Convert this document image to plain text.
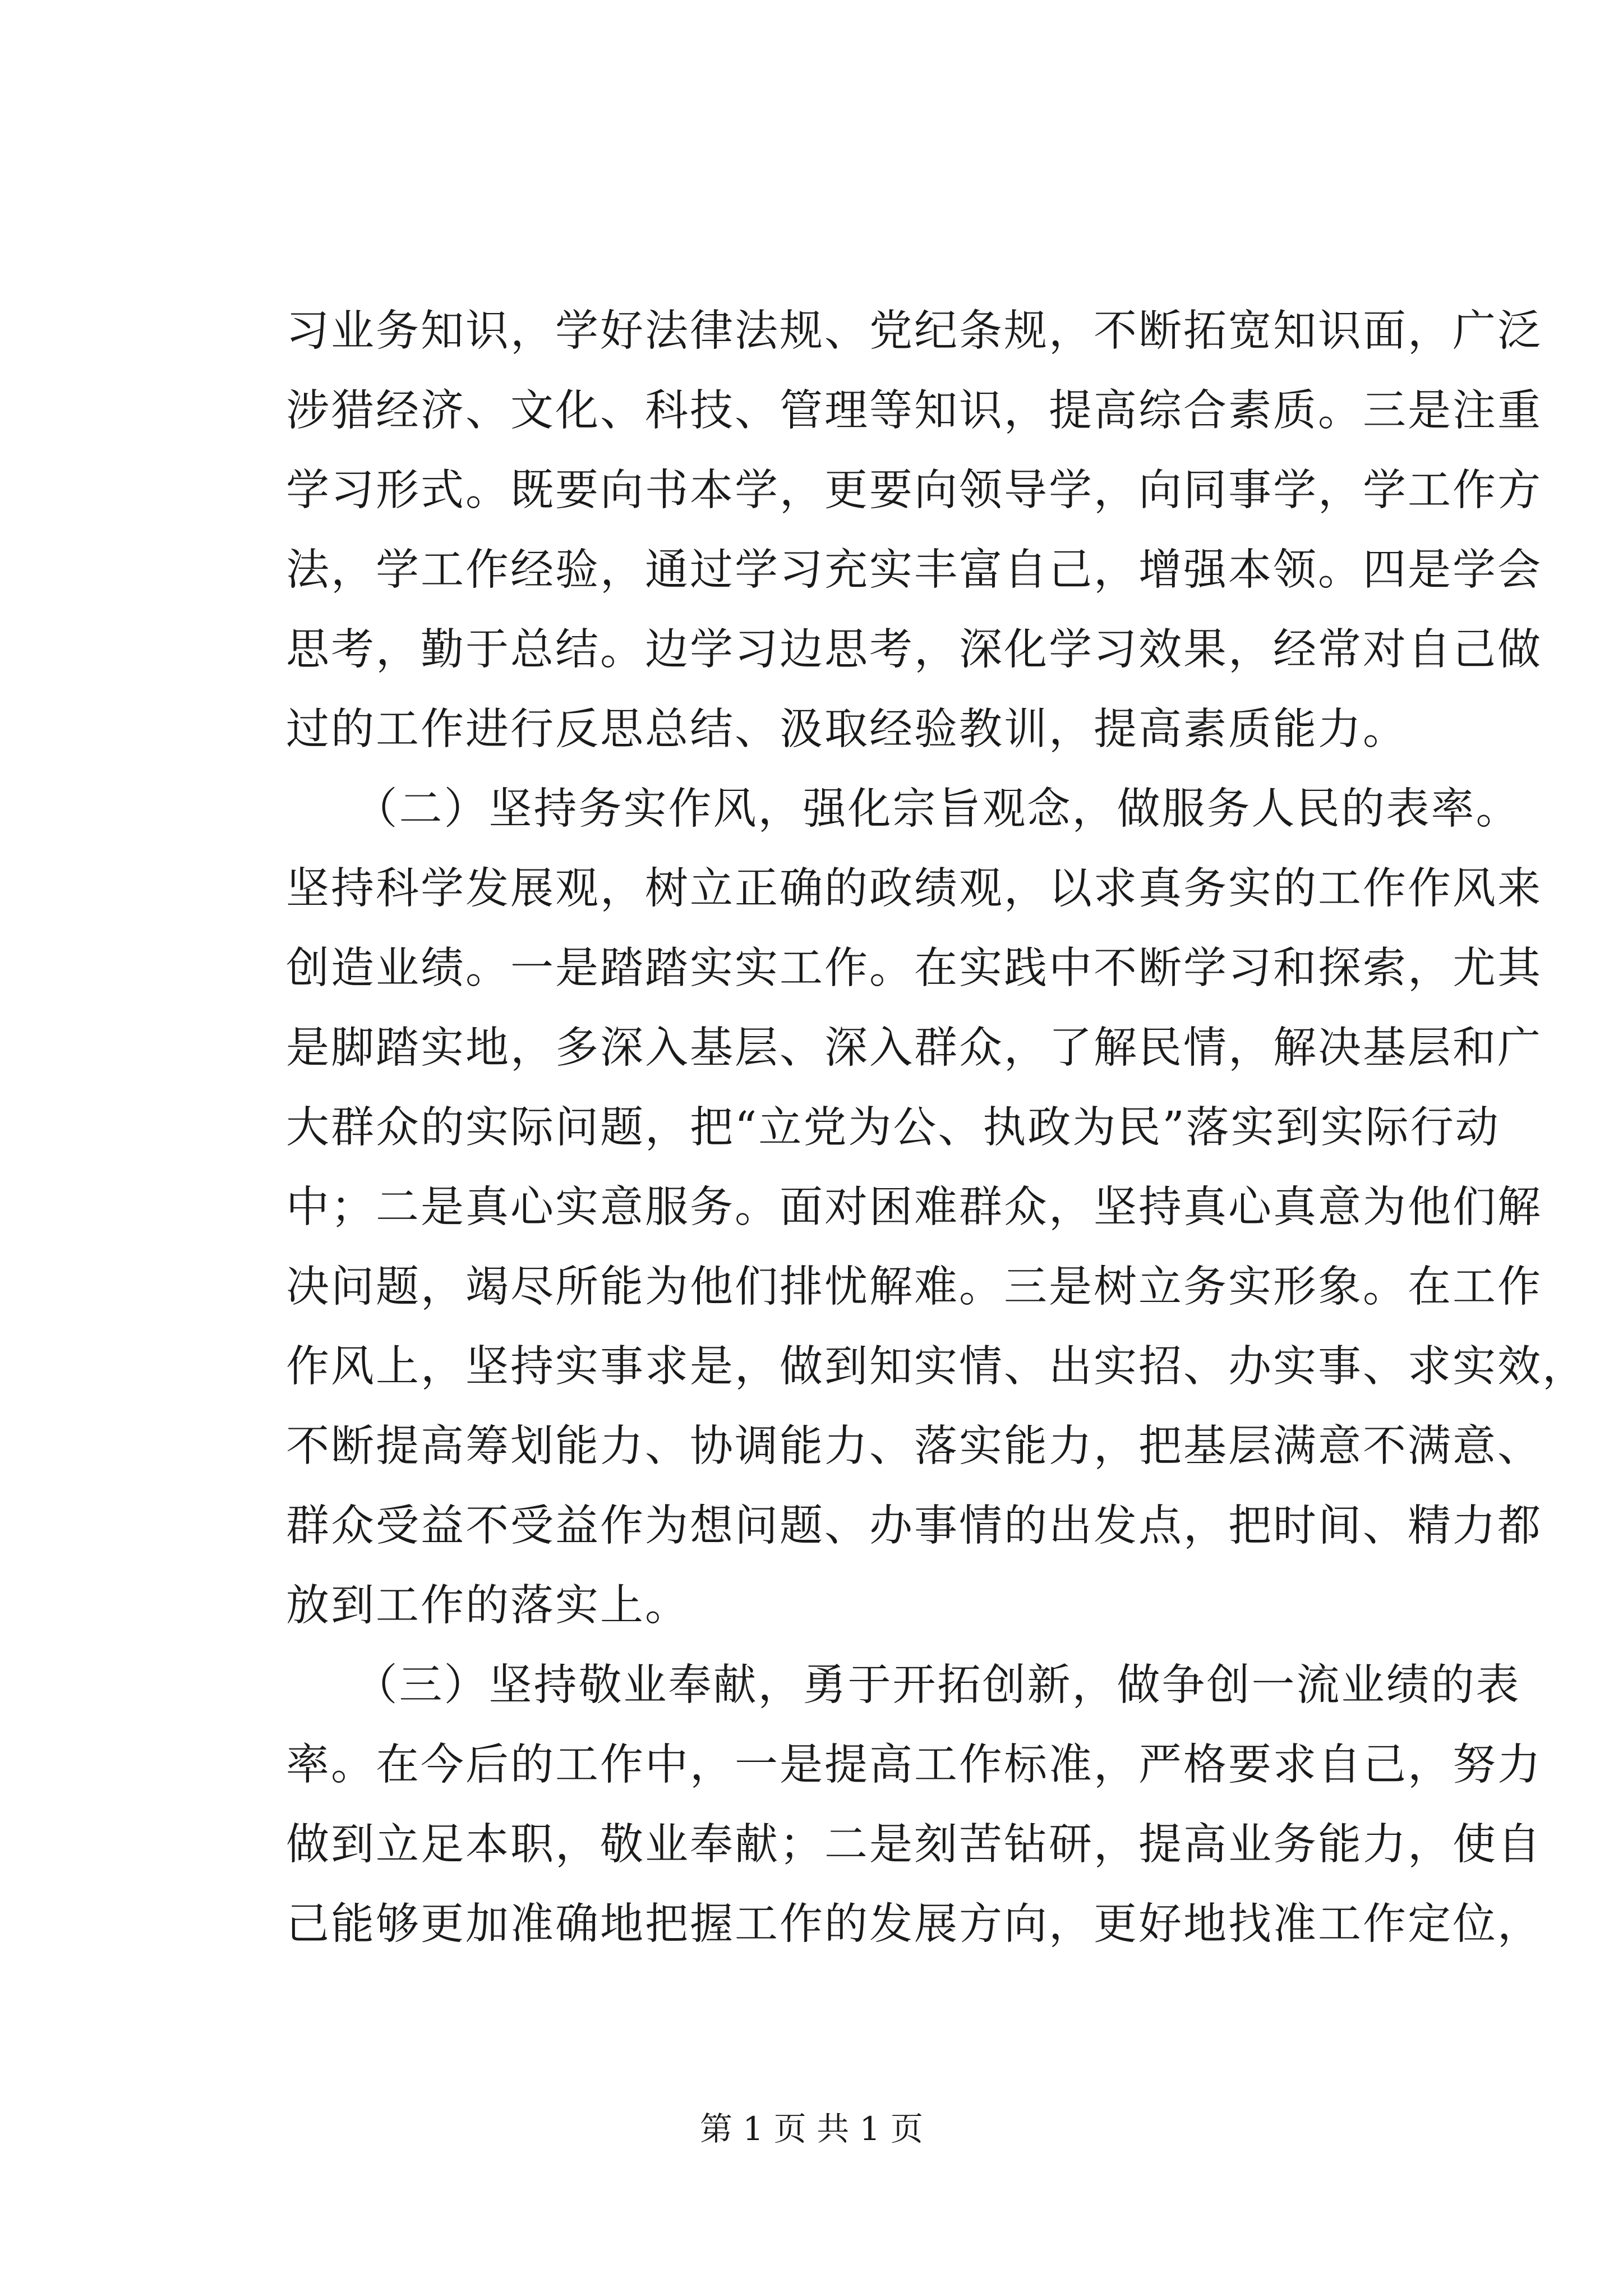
习业务知识，学好法律法规、党纪条规，不断拓宽知识面，广泛
涉猎经济、文化、科技、管理等知识，提高综合素质。三是注重
学习形式。既要向书本学，更要向领导学，向同事学，学工作方
法，学工作经验，通过学习充实丰富自己，增强本领。四是学会
思考，勤于总结。边学习边思考，深化学习效果，经常对自己做
过的工作进行反思总结、汲取经验教训，提高素质能力。
　　（二）坚持务实作风，强化宗旨观念，做服务人民的表率。
坚持科学发展观，树立正确的政绩观，以求真务实的工作作风来
创造业绩。一是踏踏实实工作。在实践中不断学习和探索，尤其
是脚踏实地，多深入基层、深入群众，了解民情，解决基层和广
大群众的实际问题，把“立党为公、执政为民”落实到实际行动
中；二是真心实意服务。面对困难群众，坚持真心真意为他们解
决问题，竭尽所能为他们排忧解难。三是树立务实形象。在工作
作风上，坚持实事求是，做到知实情、出实招、办实事、求实效，
不断提高筹划能力、协调能力、落实能力，把基层满意不满意、
群众受益不受益作为想问题、办事情的出发点，把时间、精力都
放到工作的落实上。
　　（三）坚持敬业奉献，勇于开拓创新，做争创一流业绩的表
率。在今后的工作中，一是提高工作标准，严格要求自己，努力
做到立足本职，敬业奉献；二是刻苦钻研，提高业务能力，使自
己能够更加准确地把握工作的发展方向，更好地找准工作定位，
第 1 页 共 1 页
